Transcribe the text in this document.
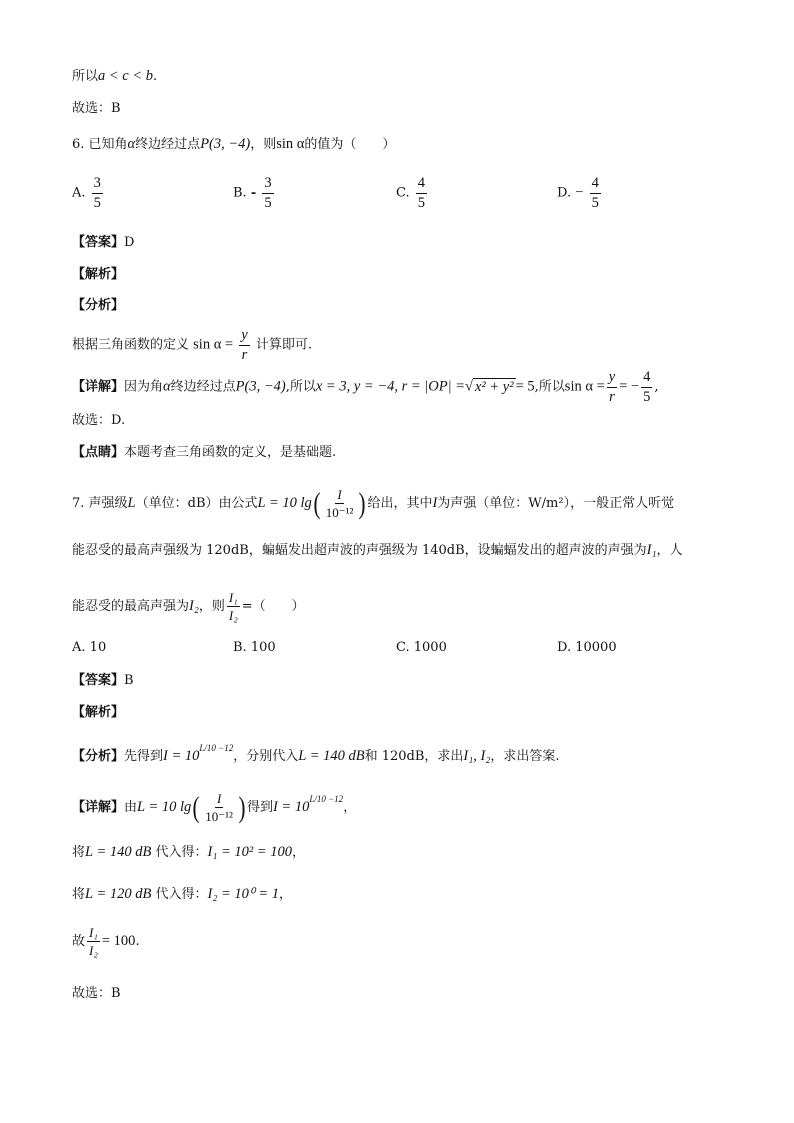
所以a < c < b.
故选：B
6. 已知角α终边经过点P(3, −4)，则sin α的值为（　　）
A. $\frac{3}{5}$	B. - $\frac{3}{5}$	C. $\frac{4}{5}$	D. − $\frac{4}{5}$
【答案】D
【解析】
【分析】
根据三角函数的定义 $\sin \alpha = \frac{y}{r}$ 计算即可.
【详解】因为角α终边经过点P(3, −4),所以x = 3, y = −4, r = |OP| =√ x² + y² = 5,所以$\sin \alpha = \frac{y}{r}$ = − $\frac{4}{5}$ ,
故选：D.
【点睛】本题考查三角函数的定义，是基础题.
7. 声强级L（单位：dB）由公式L = 10 $\lg( \frac{I}{\text{10⁻¹²}}$ ) 给出，其中I为声强（单位：W/m²），一般正常人听觉
能忍受的最高声强级为 120dB，蝙蝠发出超声波的声强级为 140dB，设蝙蝠发出的超声波的声强为I₁，人
能忍受的最高声强为I₂，则 $\frac{\text{I₁}}{\text{I₂}}$ =（　　）
A. 10	B. 100	C. 1000	D. 10000
【答案】B
【解析】
【分析】先得到$I = 10^{L/10 -12}$，分别代入L = 140 dB和 120dB，求出I₁, I₂，求出答案.
【详解】由L = 10 $\lg( \frac{I}{\text{10⁻¹²}}$ ) 得到$I = 10^{L/10 -12}$，
将L = 140 dB 代入得：I₁ = 10² = 100，
将L = 120 dB 代入得：I₂ = 10⁰ = 1，
故 $\frac{\text{I₁}}{\text{I₂}} = 100$.
故选：B
